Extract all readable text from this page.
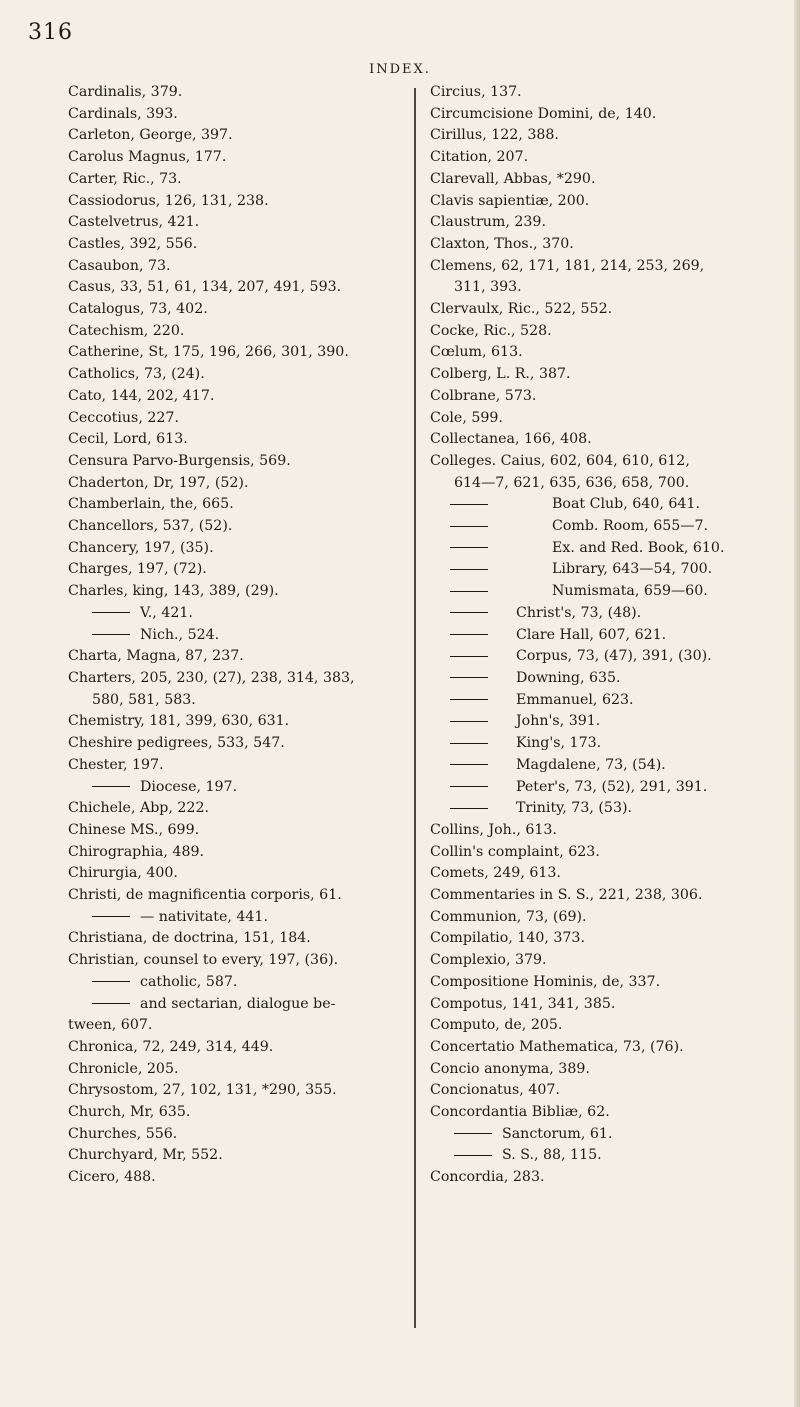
316
INDEX.
Cardinalis, 379.
Cardinals, 393.
Carleton, George, 397.
Carolus Magnus, 177.
Carter, Ric., 73.
Cassiodorus, 126, 131, 238.
Castelvetrus, 421.
Castles, 392, 556.
Casaubon, 73.
Casus, 33, 51, 61, 134, 207, 491, 593.
Catalogus, 73, 402.
Catechism, 220.
Catherine, St, 175, 196, 266, 301, 390.
Catholics, 73, (24).
Cato, 144, 202, 417.
Ceccotius, 227.
Cecil, Lord, 613.
Censura Parvo-Burgensis, 569.
Chaderton, Dr, 197, (52).
Chamberlain, the, 665.
Chancellors, 537, (52).
Chancery, 197, (35).
Charges, 197, (72).
Charles, king, 143, 389, (29).
V., 421.
Nich., 524.
Charta, Magna, 87, 237.
Charters, 205, 230, (27), 238, 314, 383,
580, 581, 583.
Chemistry, 181, 399, 630, 631.
Cheshire pedigrees, 533, 547.
Chester, 197.
Diocese, 197.
Chichele, Abp, 222.
Chinese MS., 699.
Chirographia, 489.
Chirurgia, 400.
Christi, de magnificentia corporis, 61.
— nativitate, 441.
Christiana, de doctrina, 151, 184.
Christian, counsel to every, 197, (36).
catholic, 587.
and sectarian, dialogue be-
tween, 607.
Chronica, 72, 249, 314, 449.
Chronicle, 205.
Chrysostom, 27, 102, 131, *290, 355.
Church, Mr, 635.
Churches, 556.
Churchyard, Mr, 552.
Cicero, 488.
Circius, 137.
Circumcisione Domini, de, 140.
Cirillus, 122, 388.
Citation, 207.
Clarevall, Abbas, *290.
Clavis sapientiæ, 200.
Claustrum, 239.
Claxton, Thos., 370.
Clemens, 62, 171, 181, 214, 253, 269,
311, 393.
Clervaulx, Ric., 522, 552.
Cocke, Ric., 528.
Cœlum, 613.
Colberg, L. R., 387.
Colbrane, 573.
Cole, 599.
Collectanea, 166, 408.
Colleges. Caius, 602, 604, 610, 612,
614—7, 621, 635, 636, 658, 700.
Boat Club, 640, 641.
Comb. Room, 655—7.
Ex. and Red. Book, 610.
Library, 643—54, 700.
Numismata, 659—60.
Christ's, 73, (48).
Clare Hall, 607, 621.
Corpus, 73, (47), 391, (30).
Downing, 635.
Emmanuel, 623.
John's, 391.
King's, 173.
Magdalene, 73, (54).
Peter's, 73, (52), 291, 391.
Trinity, 73, (53).
Collins, Joh., 613.
Collin's complaint, 623.
Comets, 249, 613.
Commentaries in S. S., 221, 238, 306.
Communion, 73, (69).
Compilatio, 140, 373.
Complexio, 379.
Compositione Hominis, de, 337.
Compotus, 141, 341, 385.
Computo, de, 205.
Concertatio Mathematica, 73, (76).
Concio anonyma, 389.
Concionatus, 407.
Concordantia Bibliæ, 62.
Sanctorum, 61.
S. S., 88, 115.
Concordia, 283.
